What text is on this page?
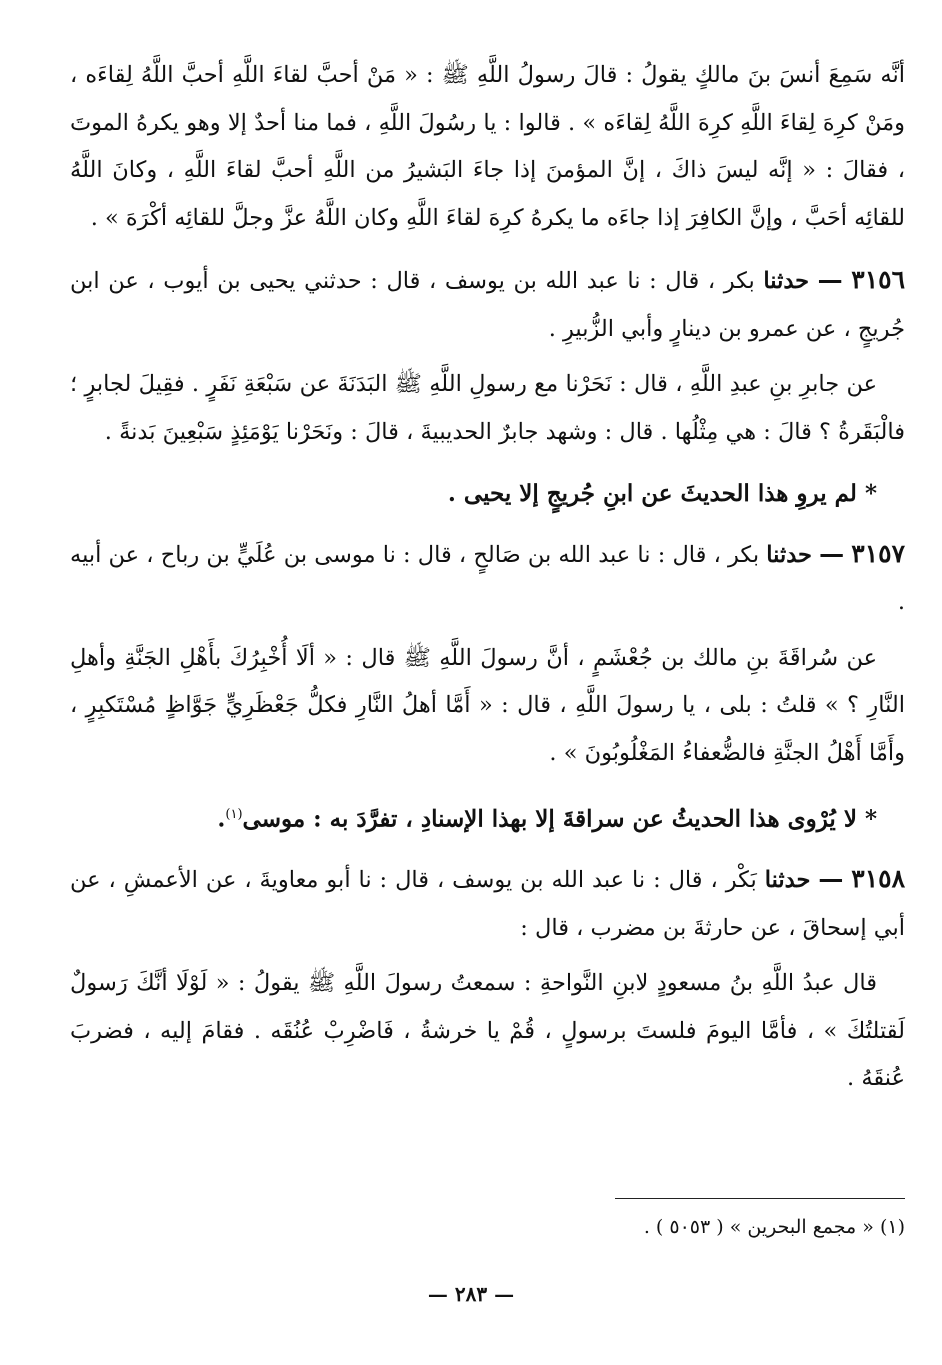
أنَّه سَمِعَ أنسَ بنَ مالكٍ يقولُ : قالَ رسولُ اللَّهِ ﷺ : « مَنْ أحبَّ لقاءَ اللَّهِ أحبَّ اللَّهُ لِقاءَه ، ومَنْ كرِهَ لِقاءَ اللَّهِ كرِهَ اللَّهُ لِقاءَه » . قالوا : يا رسُولَ اللَّهِ ، فما منا أحدٌ إلا وهو يكرهُ الموتَ ، فقالَ : « إنَّه ليسَ ذاكَ ، إنَّ المؤمنَ إذا جاءَ البَشيرُ من اللَّهِ أحبَّ لقاءَ اللَّهِ ، وكانَ اللَّهُ للقائِه أحَبَّ ، وإنَّ الكافِرَ إذا جاءَه ما يكرهُ كرِهَ لقاءَ اللَّهِ وكان اللَّهُ عزَّ وجلَّ للقائِه أكْرَهَ » .

٣١٥٦ — حدثنا بكر ، قال : نا عبد الله بن يوسف ، قال : حدثني يحيى بن أيوب ، عن ابن جُريجٍ ، عن عمرو بن دينارٍ وأبي الزُّبيرِ .

عن جابرِ بنِ عبدِ اللَّهِ ، قال : نَحَرْنا مع رسولِ اللَّهِ ﷺ البَدَنَةَ عن سَبْعَةِ نَفَرٍ . فقِيلَ لجابرٍ ؛ فالْبَقَرةُ ؟ قالَ : هي مِثْلُها . قال : وشهد جابرٌ الحديبيةَ ، قالَ : ونَحَرْنا يَوْمَئِذٍ سَبْعِينَ بَدنةً .

* لم يروِ هذا الحديثَ عن ابنِ جُريجٍ إلا يحيى .

٣١٥٧ — حدثنا بكر ، قال : نا عبد الله بن صَالحٍ ، قال : نا موسى بن عُلَيٍّ بن رباح ، عن أبيه .

عن سُراقَةَ بنِ مالك بن جُعْشَمٍ ، أنَّ رسولَ اللَّهِ ﷺ قال : « ألَا أُخْبِرُكَ بأَهْلِ الجَنَّةِ وأهلِ النَّارِ ؟ » قلتُ : بلى ، يا رسولَ اللَّهِ ، قال : « أَمَّا أهلُ النَّارِ فكلُّ جَعْظَرِيٍّ جَوَّاظٍ مُسْتَكبِرٍ ، وأَمَّا أَهْلُ الجنَّةِ فالضُّعفاءُ المَغْلُوبُونَ » .

* لا يُرْوى هذا الحديثُ عن سراقةَ إلا بهذا الإسنادِ ، تفرَّدَ به : موسى$^{(١)}$.

٣١٥٨ — حدثنا بَكْر ، قال : نا عبد الله بن يوسف ، قال : نا أبو معاويةَ ، عن الأعمشِ ، عن أبي إسحاقَ ، عن حارثةَ بن مضرب ، قال :

قال عبدُ اللَّهِ بنُ مسعودٍ لابنِ النَّواحةِ : سمعتُ رسولَ اللَّهِ ﷺ يقولُ : « لَوْلَا أنَّكَ رَسولٌ لَقتلتُكَ » ، فأمَّا اليومَ فلستَ برسولٍ ، قُمْ يا خرشةُ ، فَاضْرِبْ عُنُقَه . فقامَ إليه ، فضربَ عُنقَهُ .

(١) « مجمع البحرين » ( ٥٠٥٣ ) .
— ٢٨٣ —
